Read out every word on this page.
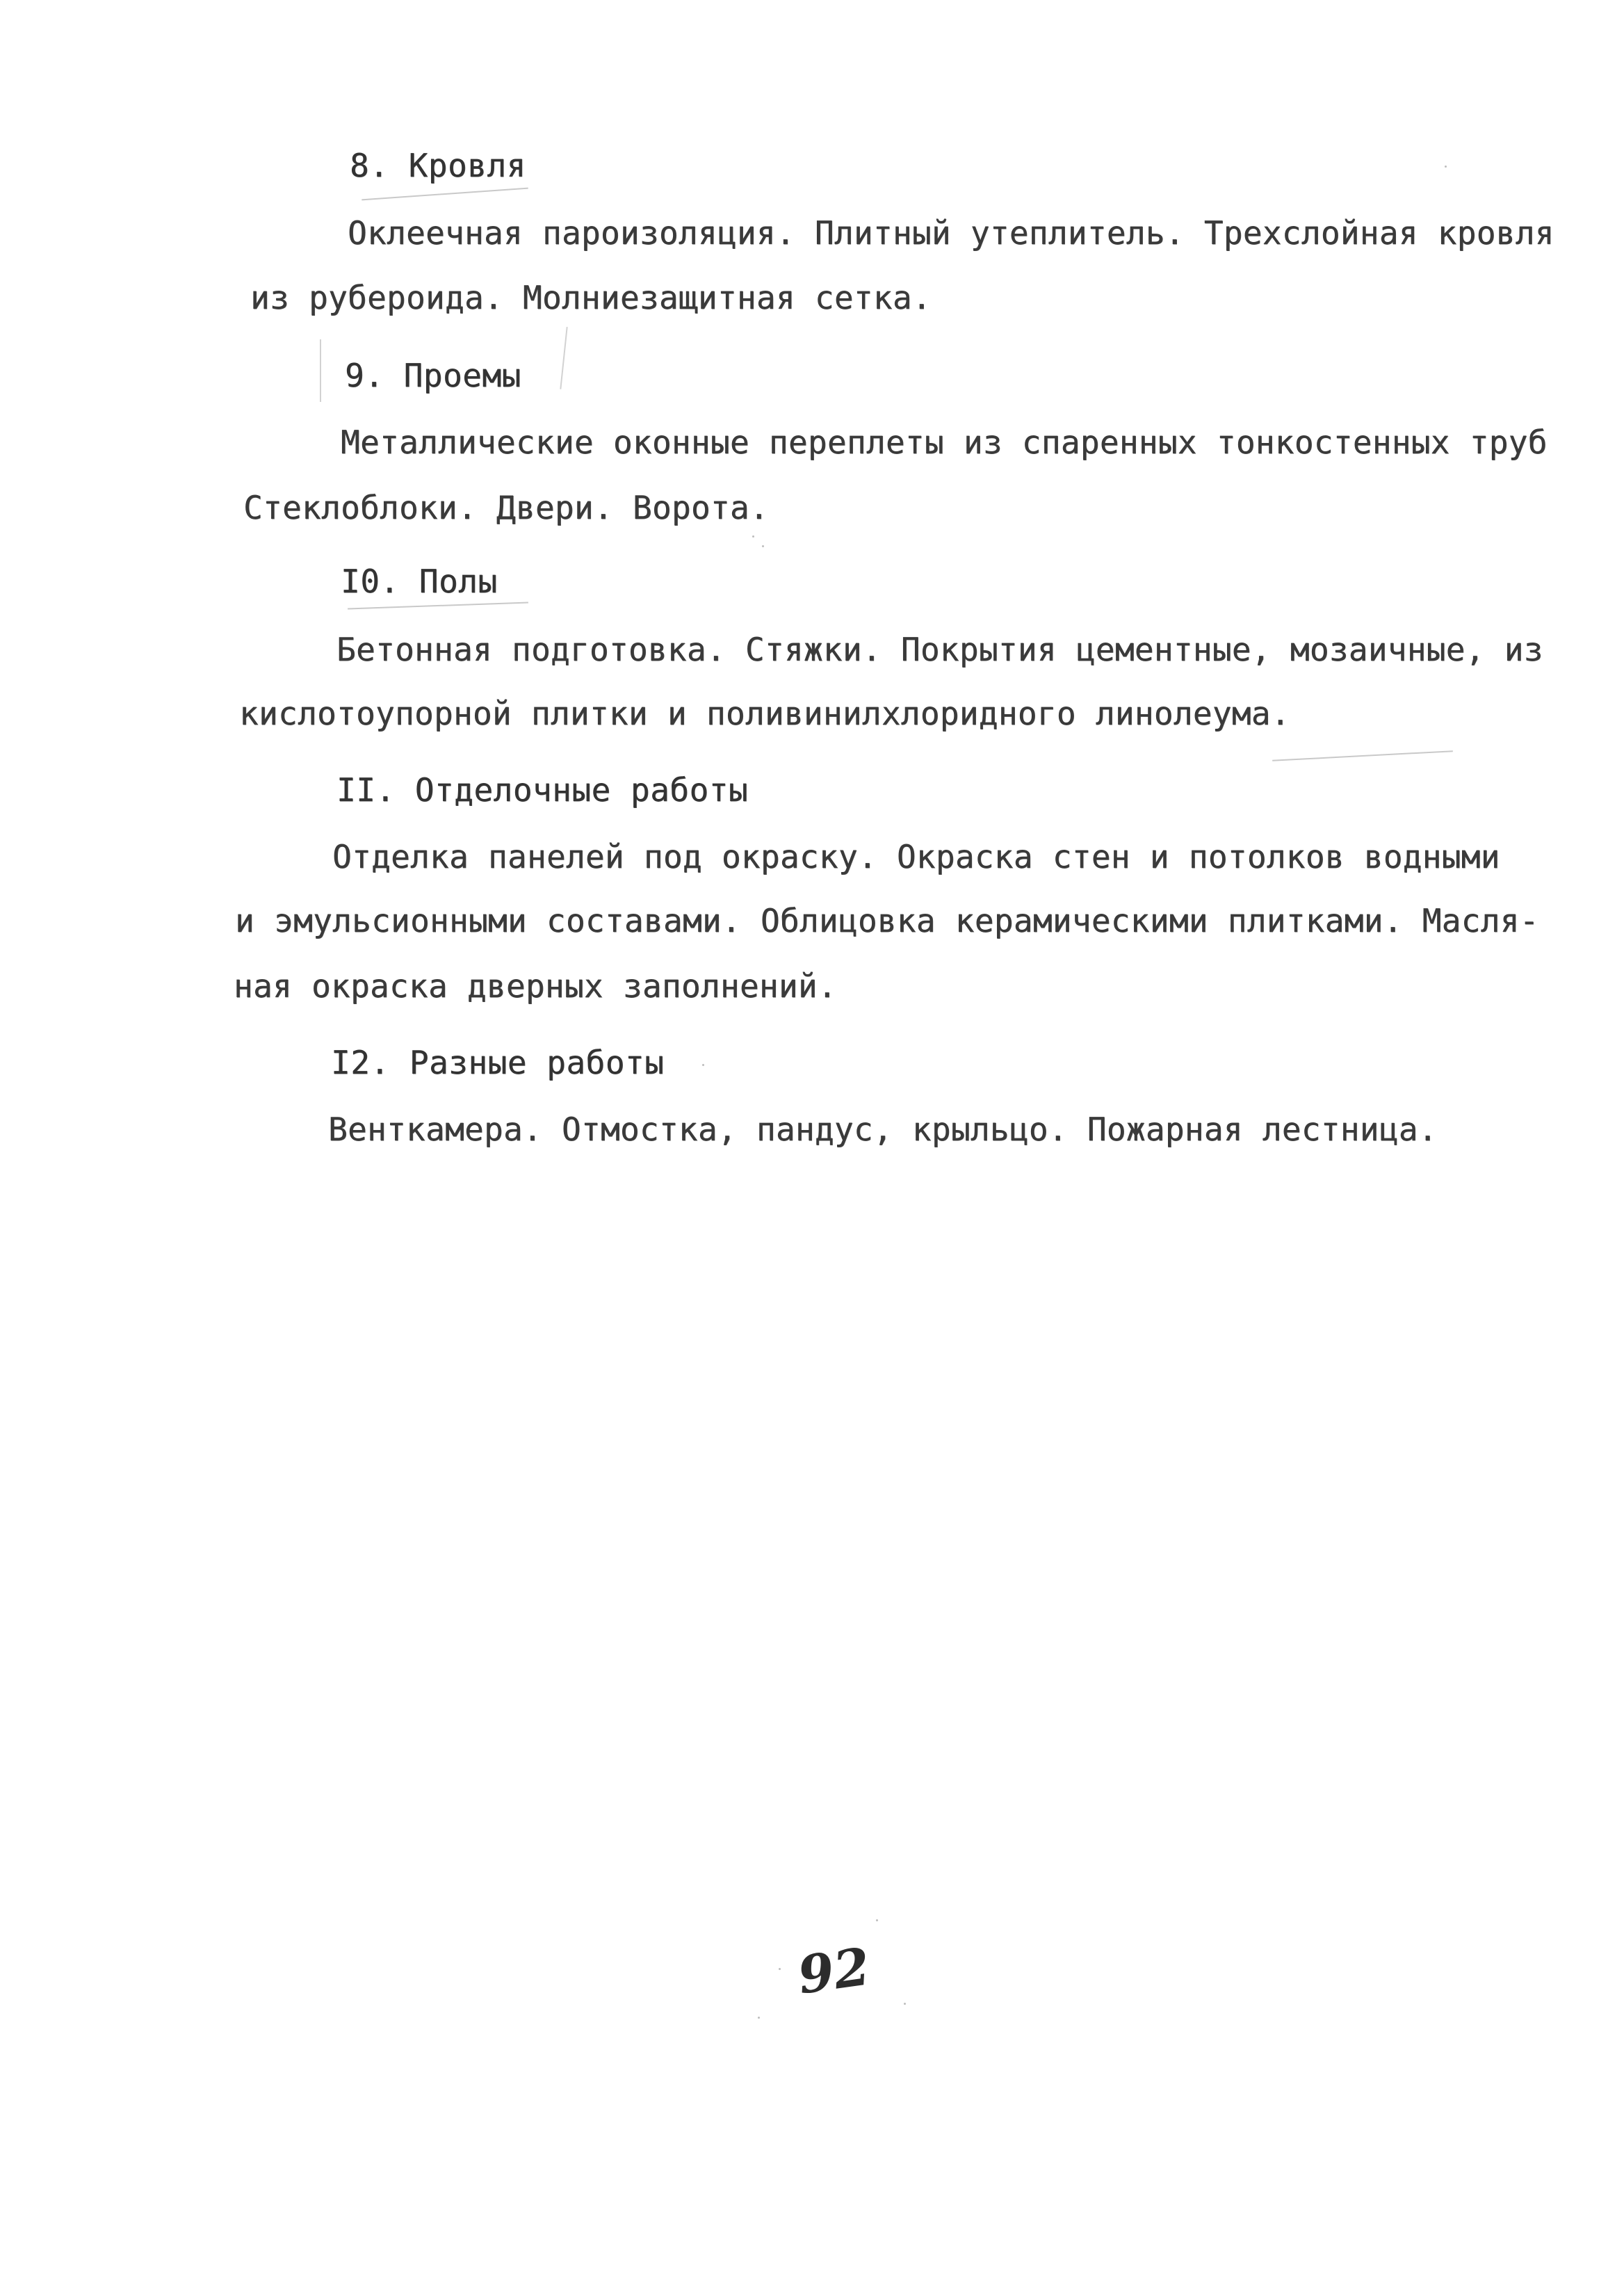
8. Кровля
Оклеечная пароизоляция. Плитный утеплитель. Трехслойная кровля
из рубероида. Молниезащитная сетка.
9. Проемы
Металлические оконные переплеты из спаренных тонкостенных труб
Стеклоблоки. Двери. Ворота.
I0. Полы
Бетонная подготовка. Стяжки. Покрытия цементные, мозаичные, из
кислотоупорной плитки и поливинилхлоридного линолеума.
II. Отделочные работы
Отделка панелей под окраску. Окраска стен и потолков водными
и эмульсионными составами. Облицовка керамическими плитками. Масля-
ная окраска дверных заполнений.
I2. Разные работы
Венткамера. Отмостка, пандус, крыльцо. Пожарная лестница.
92
